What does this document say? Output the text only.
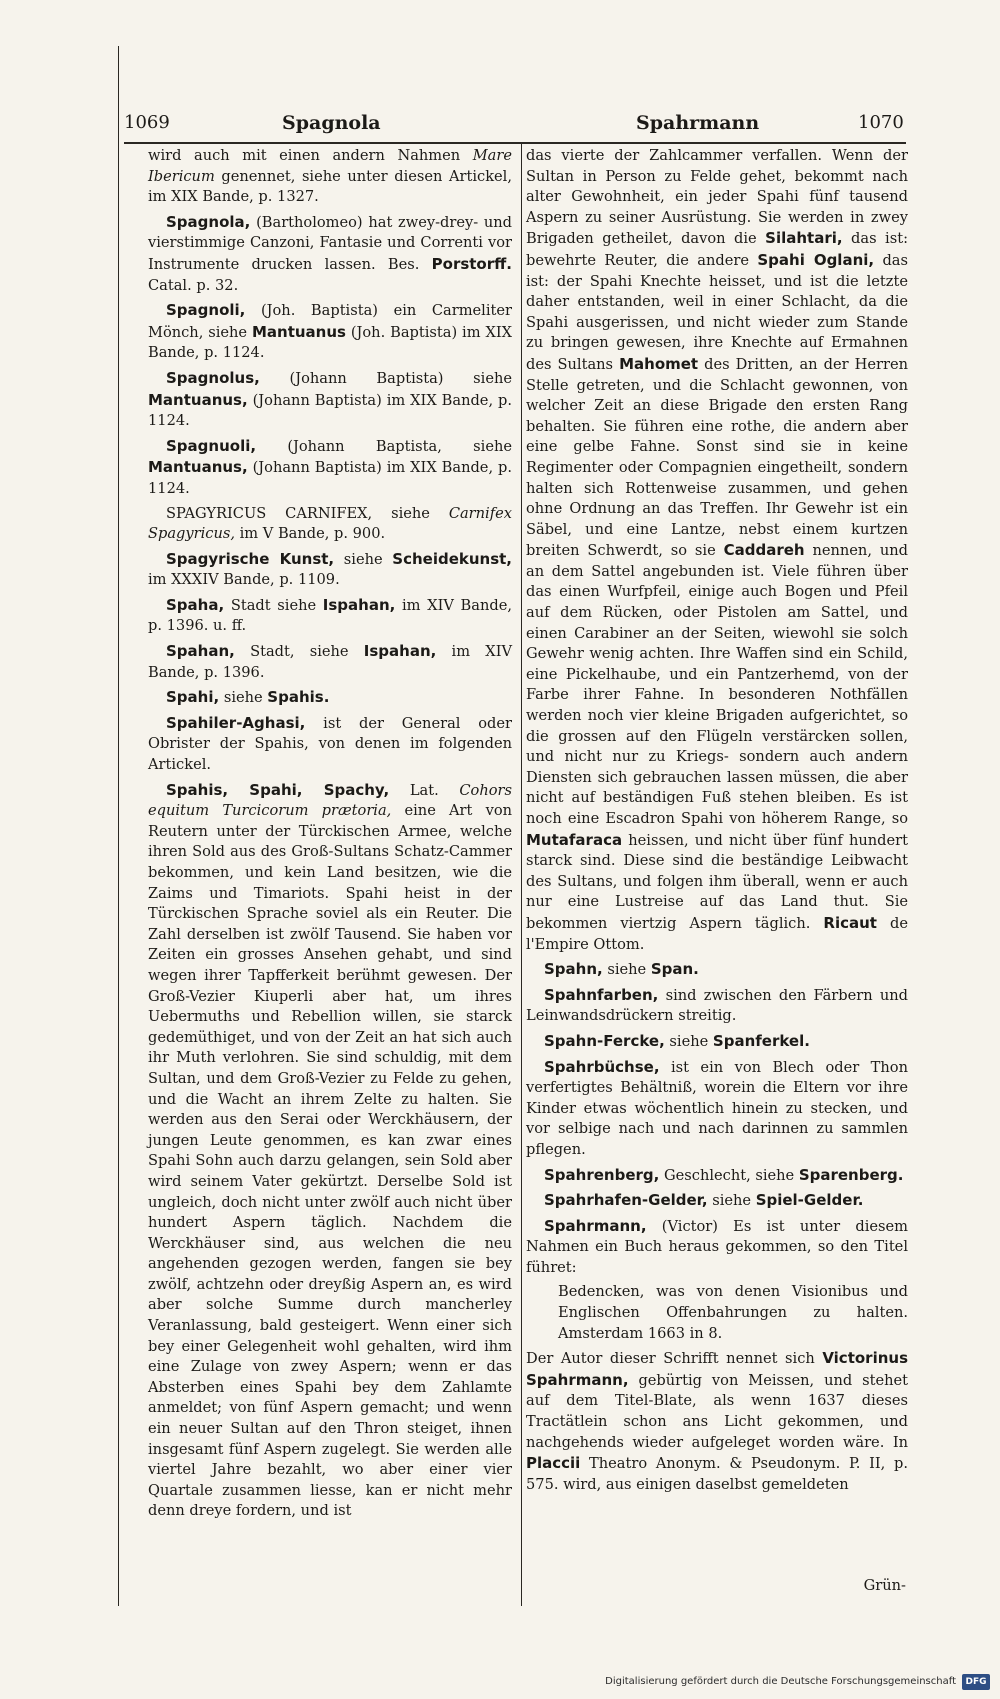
1069	Spagnola	Spahrmann	1070

wird auch mit einen andern Nahmen Mare Ibericum genennet, siehe unter diesen Artickel, im XIX Bande, p. 1327.

Spagnola, (Bartholomeo) hat zwey-drey- und vierstimmige Canzoni, Fantasie und Correnti vor Instrumente drucken lassen. Bes. Porstorff. Catal. p. 32.

Spagnoli, (Joh. Baptista) ein Carmeliter Mönch, siehe Mantuanus (Joh. Baptista) im XIX Bande, p. 1124.

Spagnolus, (Johann Baptista) siehe Mantuanus, (Johann Baptista) im XIX Bande, p. 1124.

Spagnuoli, (Johann Baptista, siehe Mantuanus, (Johann Baptista) im XIX Bande, p. 1124.

SPAGYRICUS CARNIFEX, siehe Carnifex Spagyricus, im V Bande, p. 900.

Spagyrische Kunst, siehe Scheidekunst, im XXXIV Bande, p. 1109.

Spaha, Stadt siehe Ispahan, im XIV Bande, p. 1396. u. ff.

Spahan, Stadt, siehe Ispahan, im XIV Bande, p. 1396.

Spahi, siehe Spahis.

Spahiler-Aghasi, ist der General oder Obrister der Spahis, von denen im folgenden Artickel.

Spahis, Spahi, Spachy, Lat. Cohors equitum Turcicorum prætoria, eine Art von Reutern unter der Türckischen Armee, welche ihren Sold aus des Groß-Sultans Schatz-Cammer bekommen, und kein Land besitzen, wie die Zaims und Timariots. Spahi heist in der Türckischen Sprache soviel als ein Reuter. Die Zahl derselben ist zwölf Tausend. Sie haben vor Zeiten ein grosses Ansehen gehabt, und sind wegen ihrer Tapfferkeit berühmt gewesen. Der Groß-Vezier Kiuperli aber hat, um ihres Uebermuths und Rebellion willen, sie starck gedemüthiget, und von der Zeit an hat sich auch ihr Muth verlohren. Sie sind schuldig, mit dem Sultan, und dem Groß-Vezier zu Felde zu gehen, und die Wacht an ihrem Zelte zu halten. Sie werden aus den Serai oder Werckhäusern, der jungen Leute genommen, es kan zwar eines Spahi Sohn auch darzu gelangen, sein Sold aber wird seinem Vater gekürtzt. Derselbe Sold ist ungleich, doch nicht unter zwölf auch nicht über hundert Aspern täglich. Nachdem die Werckhäuser sind, aus welchen die neu angehenden gezogen werden, fangen sie bey zwölf, achtzehn oder dreyßig Aspern an, es wird aber solche Summe durch mancherley Veranlassung, bald gesteigert. Wenn einer sich bey einer Gelegenheit wohl gehalten, wird ihm eine Zulage von zwey Aspern; wenn er das Absterben eines Spahi bey dem Zahlamte anmeldet; von fünf Aspern gemacht; und wenn ein neuer Sultan auf den Thron steiget, ihnen insgesamt fünf Aspern zugelegt. Sie werden alle viertel Jahre bezahlt, wo aber einer vier Quartale zusammen liesse, kan er nicht mehr denn dreye fordern, und ist

das vierte der Zahlcammer verfallen. Wenn der Sultan in Person zu Felde gehet, bekommt nach alter Gewohnheit, ein jeder Spahi fünf tausend Aspern zu seiner Ausrüstung. Sie werden in zwey Brigaden getheilet, davon die Silahtari, das ist: bewehrte Reuter, die andere Spahi Oglani, das ist: der Spahi Knechte heisset, und ist die letzte daher entstanden, weil in einer Schlacht, da die Spahi ausgerissen, und nicht wieder zum Stande zu bringen gewesen, ihre Knechte auf Ermahnen des Sultans Mahomet des Dritten, an der Herren Stelle getreten, und die Schlacht gewonnen, von welcher Zeit an diese Brigade den ersten Rang behalten. Sie führen eine rothe, die andern aber eine gelbe Fahne. Sonst sind sie in keine Regimenter oder Compagnien eingetheilt, sondern halten sich Rottenweise zusammen, und gehen ohne Ordnung an das Treffen. Ihr Gewehr ist ein Säbel, und eine Lantze, nebst einem kurtzen breiten Schwerdt, so sie Caddareh nennen, und an dem Sattel angebunden ist. Viele führen über das einen Wurfpfeil, einige auch Bogen und Pfeil auf dem Rücken, oder Pistolen am Sattel, und einen Carabiner an der Seiten, wiewohl sie solch Gewehr wenig achten. Ihre Waffen sind ein Schild, eine Pickelhaube, und ein Pantzerhemd, von der Farbe ihrer Fahne. In besonderen Nothfällen werden noch vier kleine Brigaden aufgerichtet, so die grossen auf den Flügeln verstärcken sollen, und nicht nur zu Kriegs- sondern auch andern Diensten sich gebrauchen lassen müssen, die aber nicht auf beständigen Fuß stehen bleiben. Es ist noch eine Escadron Spahi von höherem Range, so Mutafaraca heissen, und nicht über fünf hundert starck sind. Diese sind die beständige Leibwacht des Sultans, und folgen ihm überall, wenn er auch nur eine Lustreise auf das Land thut. Sie bekommen viertzig Aspern täglich. Ricaut de l'Empire Ottom.

Spahn, siehe Span.

Spahnfarben, sind zwischen den Färbern und Leinwandsdrückern streitig.

Spahn-Fercke, siehe Spanferkel.

Spahrbüchse, ist ein von Blech oder Thon verfertigtes Behältniß, worein die Eltern vor ihre Kinder etwas wöchentlich hinein zu stecken, und vor selbige nach und nach darinnen zu sammlen pflegen.

Spahrenberg, Geschlecht, siehe Sparenberg.

Spahrhafen-Gelder, siehe Spiel-Gelder.

Spahrmann, (Victor) Es ist unter diesem Nahmen ein Buch heraus gekommen, so den Titel führet:

Bedencken, was von denen Visionibus und Englischen Offenbahrungen zu halten. Amsterdam 1663 in 8.

Der Autor dieser Schrifft nennet sich Victorinus Spahrmann, gebürtig von Meissen, und stehet auf dem Titel-Blate, als wenn 1637 dieses Tractätlein schon ans Licht gekommen, und nachgehends wieder aufgeleget worden wäre. In Placcii Theatro Anonym. & Pseudonym. P. II, p. 575. wird, aus einigen daselbst gemeldeten

Grün-
Digitalisierung gefördert durch die Deutsche Forschungsgemeinschaft	DFG
